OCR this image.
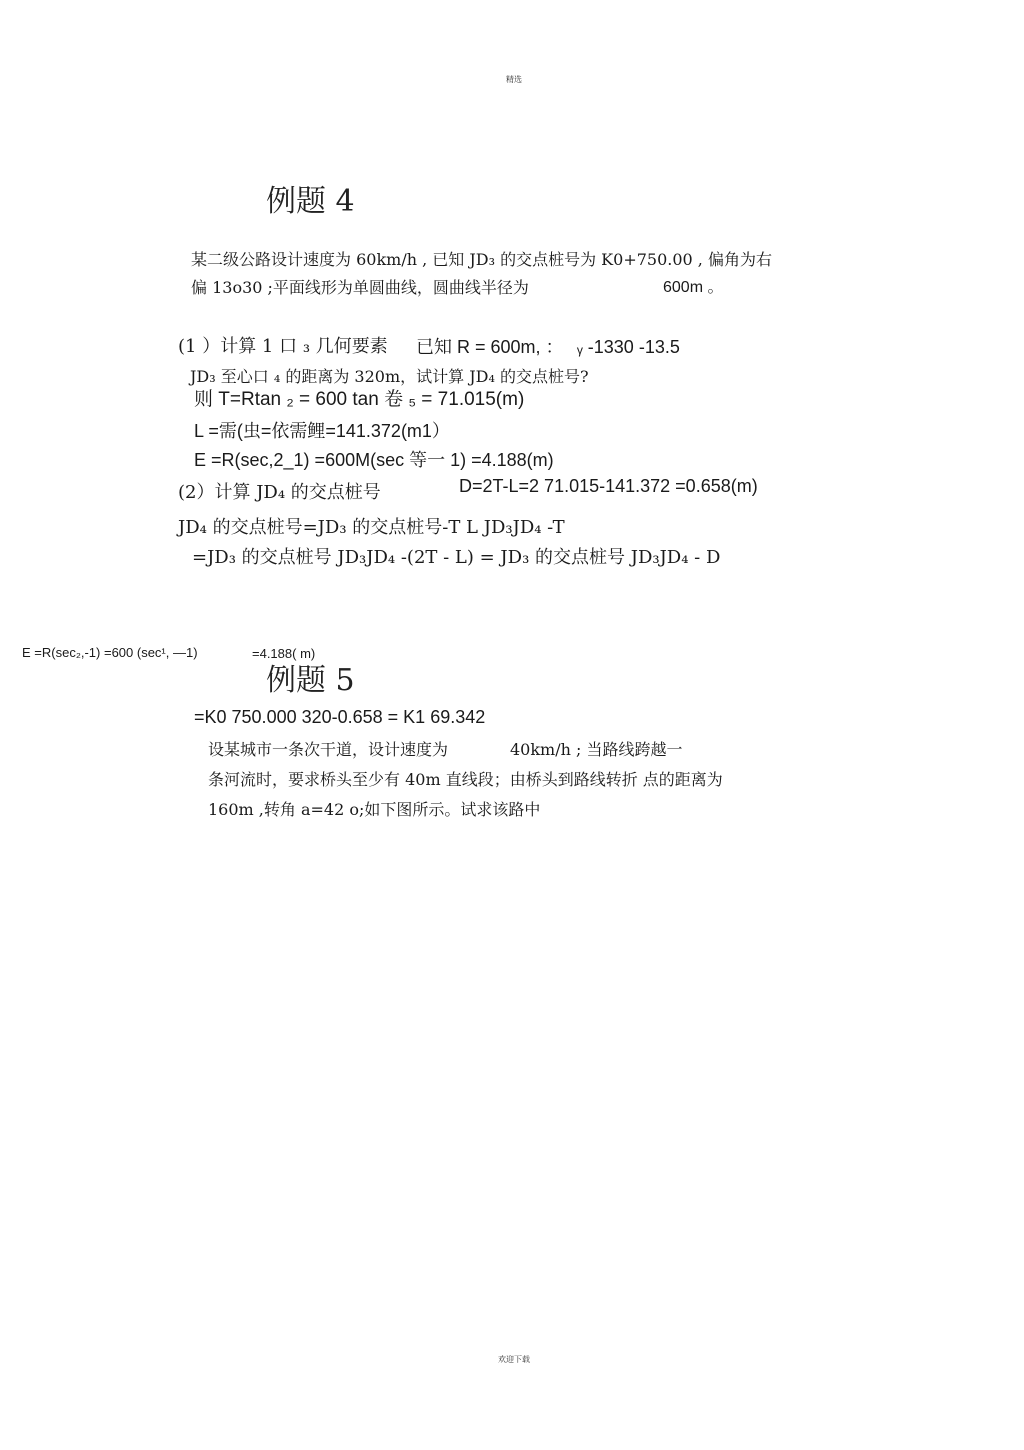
精选
例题 4
某二级公路设计速度为 60km/h , 已知 JD₃ 的交点桩号为 K0+750.00 , 偏角为右
偏 13o30 ;平面线形为单圆曲线，圆曲线半径为	600m 。
(1 ）计算 1 口 ₃ 几何要素 已知 R = 600m, ： ᵧ -1330 -13.5
JD₃ 至心口 ₄ 的距离为 320m，试计算 JD₄ 的交点桩号?
则 T=Rtan ₂ = 600 tan 卷 ₅ = 71.015(m)
L =需(虫=依需鲤=141.372(m1）
E =R(sec,2_1) =600M(sec 等一 1) =4.188(m)
(2）计算 JD₄ 的交点桩号	D=2T-L=2 71.015-141.372 =0.658(m)
JD₄ 的交点桩号=JD₃ 的交点桩号-T L JD₃JD₄ -T
=JD₃ 的交点桩号 JD₃JD₄ -(2T - L) = JD₃ 的交点桩号 JD₃JD₄ - D
E =R(sec₂,-1) =600 (sec¹, —1)	=4.188( m)
例题 5
=K0 750.000 320-0.658 = K1 69.342
设某城市一条次干道，设计速度为	40km/h ; 当路线跨越一
条河流时，要求桥头至少有 40m 直线段；由桥头到路线转折 点的距离为
160m ,转角 a=42 o;如下图所示。试求该路中
欢迎下载
